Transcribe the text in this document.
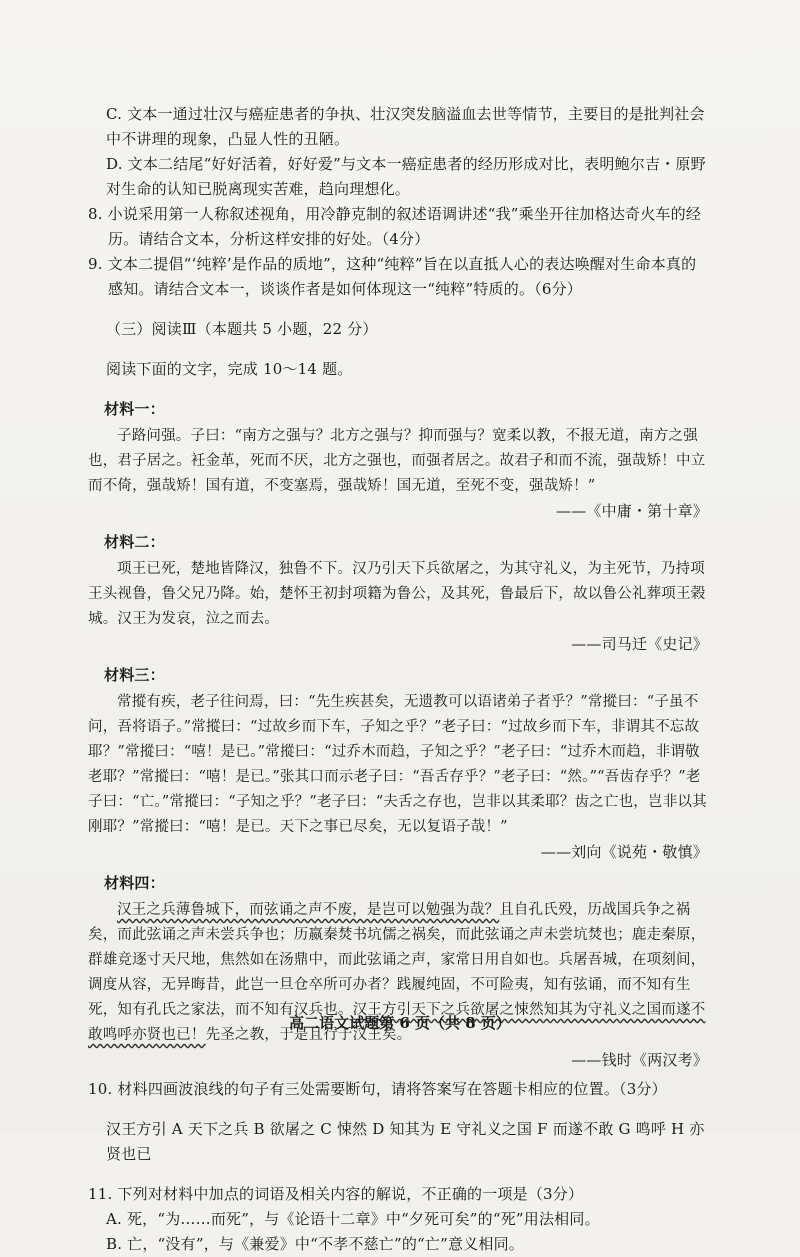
C. 文本一通过壮汉与癌症患者的争执、壮汉突发脑溢血去世等情节，主要目的是批判社会中不讲理的现象，凸显人性的丑陋。

D. 文本二结尾“好好活着，好好爱”与文本一癌症患者的经历形成对比，表明鲍尔吉・原野对生命的认知已脱离现实苦难，趋向理想化。

8. 小说采用第一人称叙述视角，用冷静克制的叙述语调讲述“我”乘坐开往加格达奇火车的经历。请结合文本，分析这样安排的好处。（4分）

9. 文本二提倡“‘纯粹’是作品的质地”，这种“纯粹”旨在以直抵人心的表达唤醒对生命本真的感知。请结合文本一，谈谈作者是如何体现这一“纯粹”特质的。（6分）

（三）阅读Ⅲ（本题共 5 小题，22 分）

阅读下面的文字，完成 10～14 题。

材料一：

子路问强。子曰：“南方之强与？北方之强与？抑而强与？宽柔以教，不报无道，南方之强也，君子居之。衽金革，死而不厌，北方之强也，而强者居之。故君子和而不流，强哉矫！中立而不倚，强哉矫！国有道，不变塞焉，强哉矫！国无道，至死不变，强哉矫！”

——《中庸・第十章》

材料二：

项王已死，楚地皆降汉，独鲁不下。汉乃引天下兵欲屠之，为其守礼义，为主死节，乃持项王头视鲁，鲁父兄乃降。始，楚怀王初封项籍为鲁公，及其死，鲁最后下，故以鲁公礼葬项王榖城。汉王为发哀，泣之而去。

——司马迁《史记》

材料三：

常摐有疾，老子往问焉，曰：“先生疾甚矣，无遗教可以语诸弟子者乎？”常摐曰：“子虽不问，吾将语子。”常摐曰：“过故乡而下车，子知之乎？”老子曰：“过故乡而下车，非谓其不忘故耶？”常摐曰：“嘻！是已。”常摐曰：“过乔木而趋，子知之乎？”老子曰：“过乔木而趋，非谓敬老耶？”常摐曰：“嘻！是已。”张其口而示老子曰：“吾舌存乎？”老子曰：“然。”“吾齿存乎？”老子曰：“亡。”常摐曰：“子知之乎？”老子曰：“夫舌之存也，岂非以其柔耶？齿之亡也，岂非以其刚耶？”常摐曰：“嘻！是已。天下之事已尽矣，无以复语子哉！”

——刘向《说苑・敬慎》

材料四：

汉王之兵薄鲁城下，而弦诵之声不废，是岂可以勉强为哉？且自孔氏殁，历战国兵争之祸矣，而此弦诵之声未尝兵争也；历嬴秦焚书坑儒之祸矣，而此弦诵之声未尝坑焚也；鹿走秦原，群雄竞逐寸天尺地，焦然如在汤鼎中，而此弦诵之声，家常日用自如也。兵屠吾城，在项刻间，调度从容，无异晦昔，此岂一旦仓卒所可办者？践履纯固，不可险夷，知有弦诵，而不知有生死，知有孔氏之家法，而不知有汉兵也。汉王方引天下之兵欲屠之悚然知其为守礼义之国而遂不敢鸣呼亦贤也已！先圣之教，于是且行于汉王矣。

——钱时《两汉考》

10. 材料四画波浪线的句子有三处需要断句，请将答案写在答题卡相应的位置。（3分）

汉王方引 A 天下之兵 B 欲屠之 C 悚然 D 知其为 E 守礼义之国 F 而遂不敢 G 鸣呼 H 亦贤也已

11. 下列对材料中加点的词语及相关内容的解说，不正确的一项是（3分）

A. 死，“为……而死”，与《论语十二章》中“夕死可矣”的“死”用法相同。

B. 亡，“没有”，与《兼爱》中“不孝不慈亡”的“亡”意义相同。

高二语文试题第 6 页（共 8 页）
